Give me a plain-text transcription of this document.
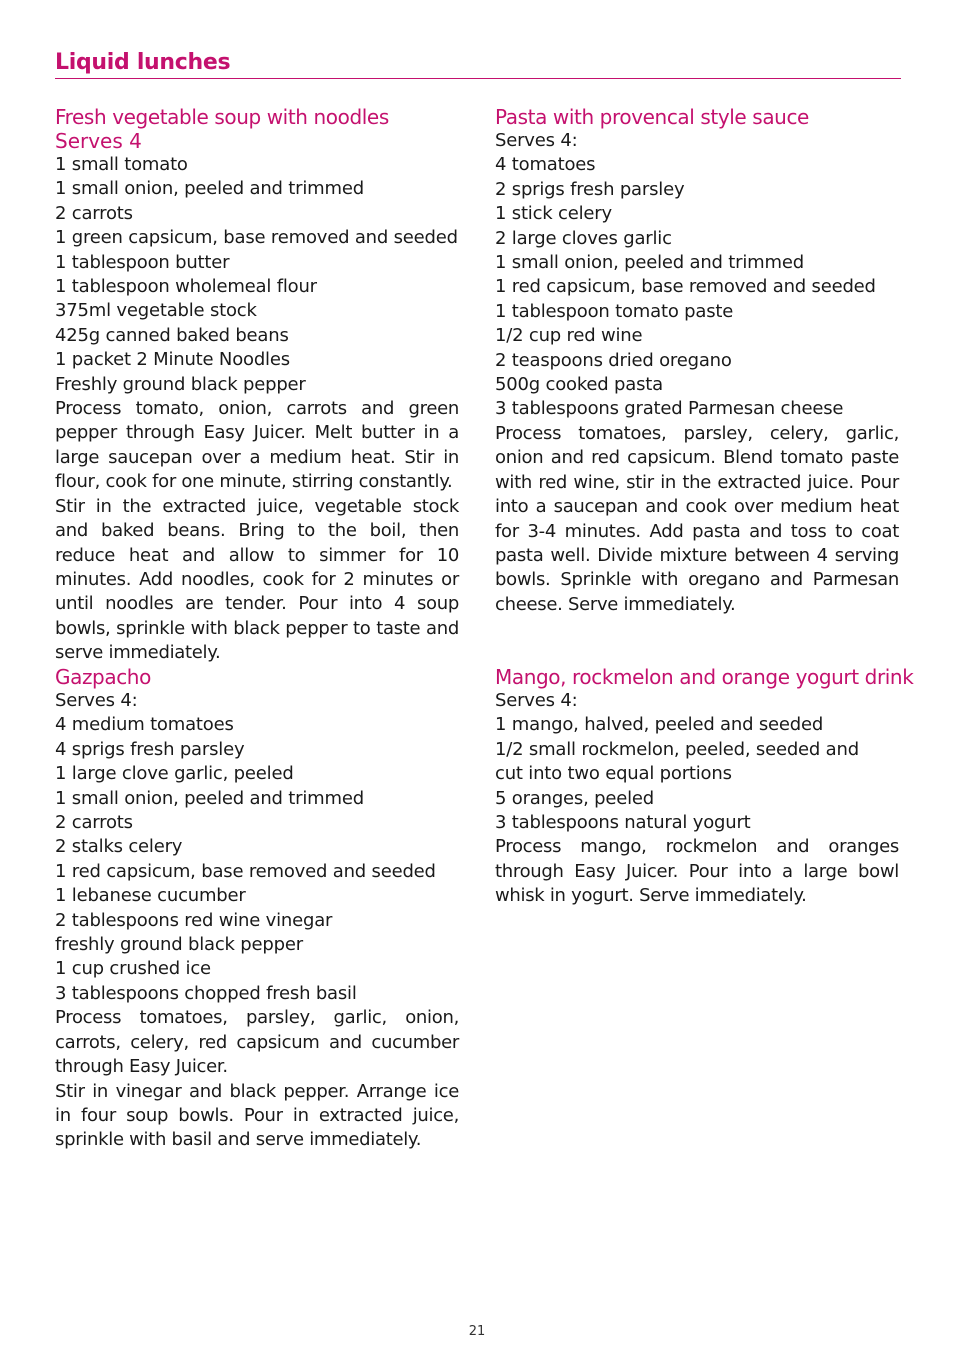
Liquid lunches
Fresh vegetable soup with noodles

Serves 4

1 small tomato
1 small onion, peeled and trimmed
2 carrots
1 green capsicum, base removed and seeded
1 tablespoon butter
1 tablespoon wholemeal flour
375ml vegetable stock
425g canned baked beans
1 packet 2 Minute Noodles
Freshly ground black pepper

Process tomato, onion, carrots and green pepper through Easy Juicer. Melt butter in a large saucepan over a medium heat. Stir in flour, cook for one minute, stirring constantly.

Stir in the extracted juice, vegetable stock and baked beans. Bring to the boil, then reduce heat and allow to simmer for 10 minutes. Add noodles, cook for 2 minutes or until noodles are tender. Pour into 4 soup bowls, sprinkle with black pepper to taste and serve immediately.

Pasta with provencal style sauce

Serves 4:

4 tomatoes
2 sprigs fresh parsley
1 stick celery
2 large cloves garlic
1 small onion, peeled and trimmed
1 red capsicum, base removed and seeded
1 tablespoon tomato paste
1/2 cup red wine
2 teaspoons dried oregano
500g cooked pasta
3 tablespoons grated Parmesan cheese

Process tomatoes, parsley, celery, garlic, onion and red capsicum. Blend tomato paste with red wine, stir in the extracted juice. Pour into a saucepan and cook over medium heat for 3-4 minutes. Add pasta and toss to coat pasta well. Divide mixture between 4 serving bowls. Sprinkle with oregano and Parmesan cheese. Serve immediately.

Gazpacho

Serves 4:

4 medium tomatoes
4 sprigs fresh parsley
1 large clove garlic, peeled
1 small onion, peeled and trimmed
2 carrots
2 stalks celery
1 red capsicum, base removed and seeded
1 lebanese cucumber
2 tablespoons red wine vinegar
freshly ground black pepper
1 cup crushed ice
3 tablespoons chopped fresh basil

Process tomatoes, parsley, garlic, onion, carrots, celery, red capsicum and cucumber through Easy Juicer.

Stir in vinegar and black pepper. Arrange ice in four soup bowls. Pour in extracted juice, sprinkle with basil and serve immediately.

Mango, rockmelon and orange yogurt drink

Serves 4:

1 mango, halved, peeled and seeded
1/2 small rockmelon, peeled, seeded and
cut into two equal portions
5 oranges, peeled
3 tablespoons natural yogurt

Process mango, rockmelon and oranges through Easy Juicer. Pour into a large bowl whisk in yogurt. Serve immediately.

21
